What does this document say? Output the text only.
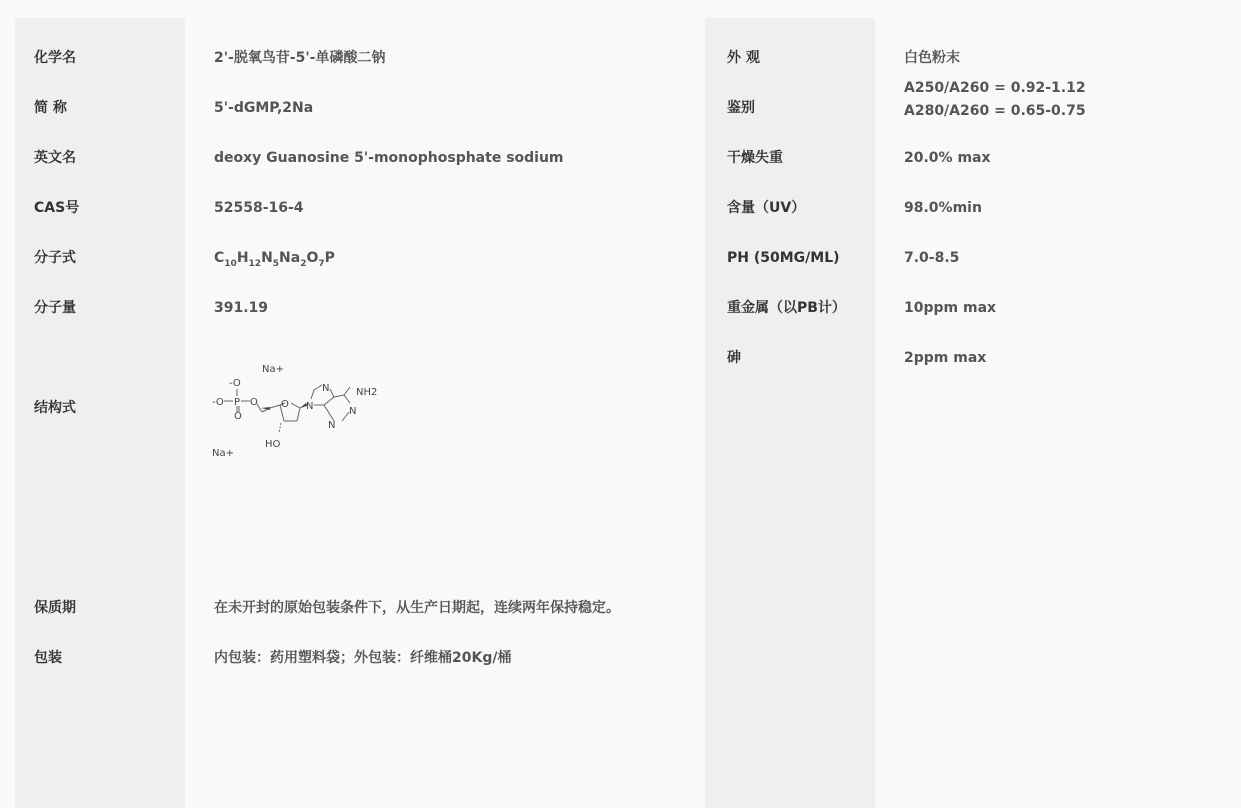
化学名
简 称
英文名
CAS号
分子式
分子量
结构式
保质期
包装
2'-脱氧鸟苷-5'-单磷酸二钠
5'-dGMP,2Na
deoxy Guanosine 5'-monophosphate sodium
52558-16-4
$C_{10}H_{12}N_5Na_2O_7P$
391.19
Na+
-O
-O P
O
O O
HO
N
N	NH2
N
N
Na+
在未开封的原始包装条件下，从生产日期起，连续两年保持稳定。
内包装：药用塑料袋；外包装：纤维桶20Kg/桶
外 观
鉴别
干燥失重
含量（UV）
PH (50MG/ML)
重金属（以PB计）
砷
白色粉末
A250/A260 = 0.92-1.12
A280/A260 = 0.65-0.75
20.0% max
98.0%min
7.0-8.5
10ppm max
2ppm max
